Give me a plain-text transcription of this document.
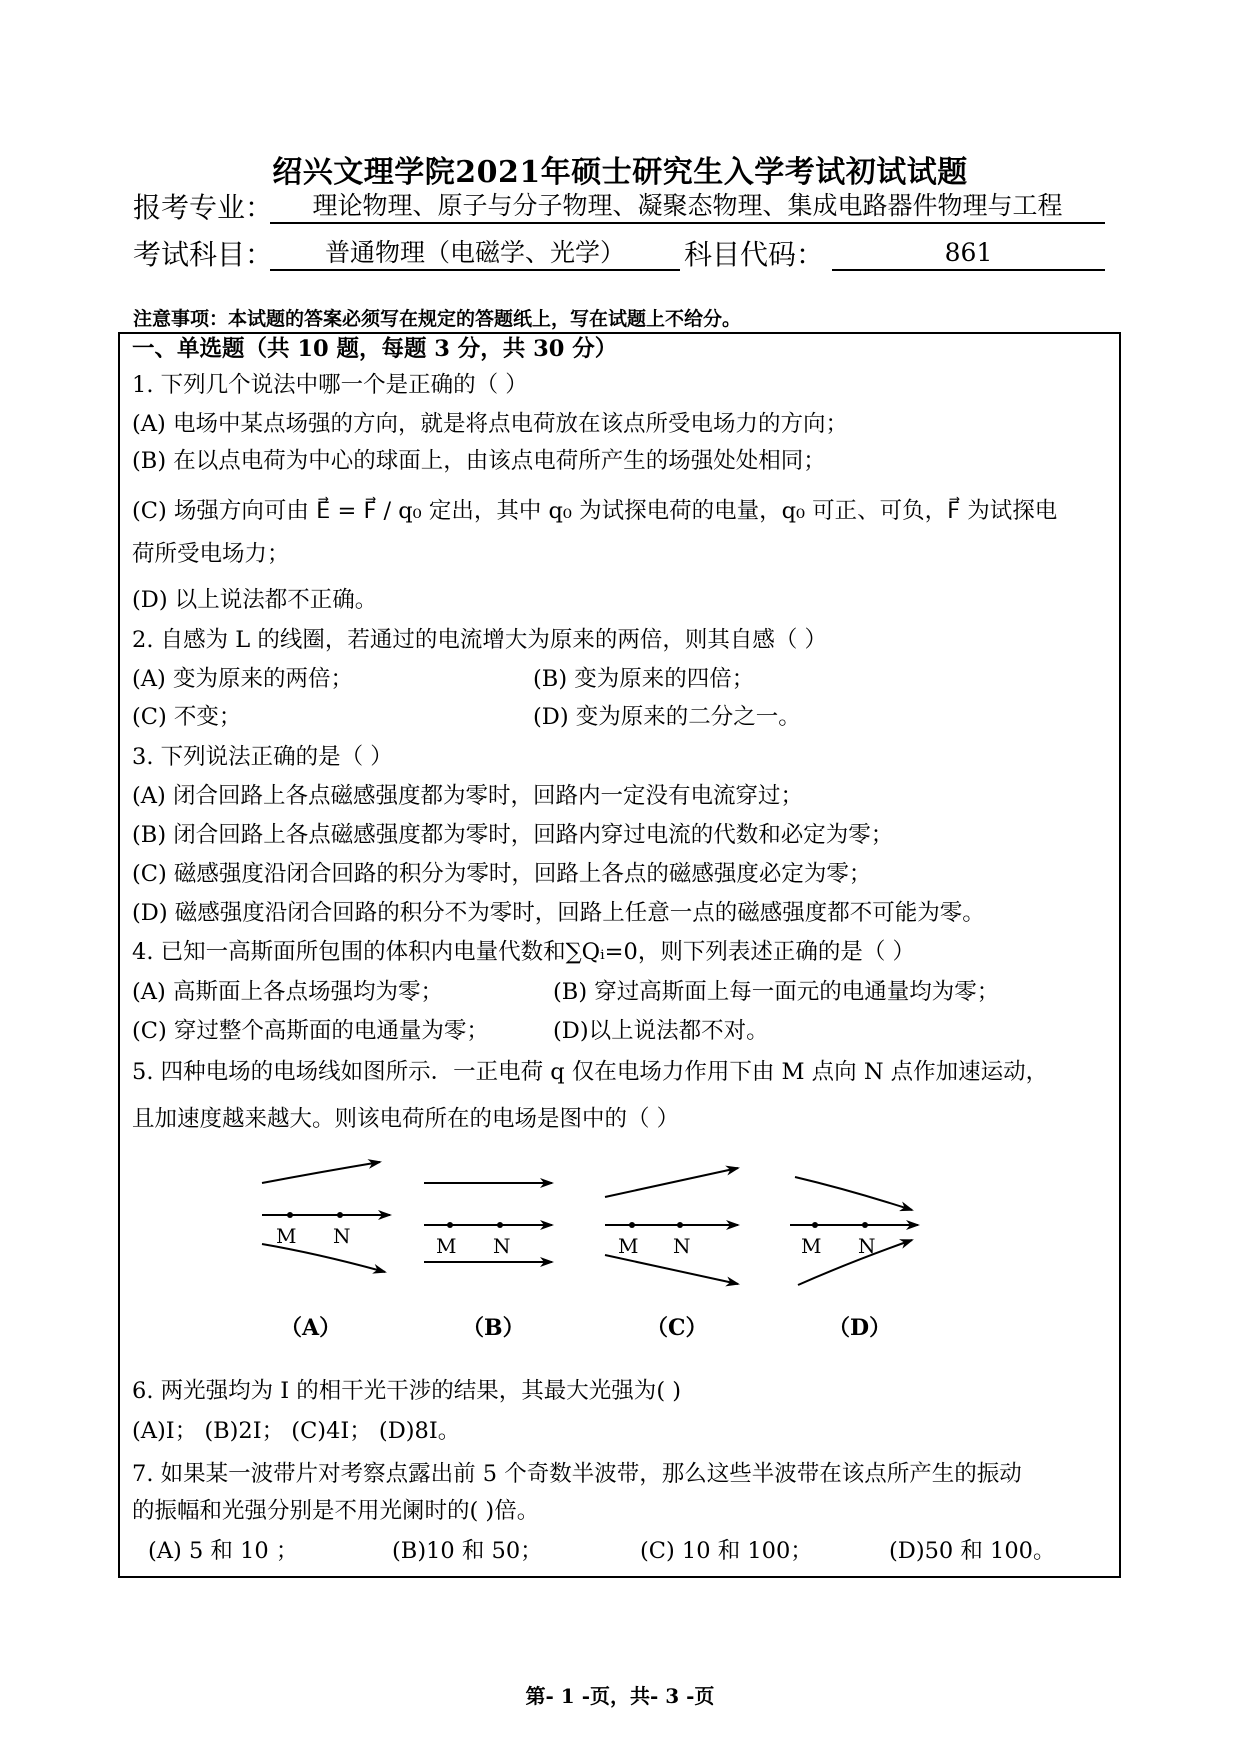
绍兴文理学院2021年硕士研究生入学考试初试试题
报考专业：	理论物理、原子与分子物理、凝聚态物理、集成电路器件物理与工程
考试科目：	普通物理（电磁学、光学）	科目代码：	861
注意事项：本试题的答案必须写在规定的答题纸上，写在试题上不给分。
一、单选题（共 10 题，每题 3 分，共 30 分）
1. 下列几个说法中哪一个是正确的（ ）
(A) 电场中某点场强的方向，就是将点电荷放在该点所受电场力的方向；
(B) 在以点电荷为中心的球面上，由该点电荷所产生的场强处处相同；
(C) 场强方向可由 E⃗ = F⃗ / q₀ 定出，其中 q₀ 为试探电荷的电量，q₀ 可正、可负，F⃗ 为试探电
荷所受电场力；
(D) 以上说法都不正确。
2. 自感为 L 的线圈，若通过的电流增大为原来的两倍，则其自感（ ）
(A) 变为原来的两倍；	(B) 变为原来的四倍；
(C) 不变；	(D) 变为原来的二分之一。
3. 下列说法正确的是（ ）
(A) 闭合回路上各点磁感强度都为零时，回路内一定没有电流穿过；
(B) 闭合回路上各点磁感强度都为零时，回路内穿过电流的代数和必定为零；
(C) 磁感强度沿闭合回路的积分为零时，回路上各点的磁感强度必定为零；
(D) 磁感强度沿闭合回路的积分不为零时，回路上任意一点的磁感强度都不可能为零。
4. 已知一高斯面所包围的体积内电量代数和∑Qᵢ=0，则下列表述正确的是（ ）
(A) 高斯面上各点场强均为零；	(B) 穿过高斯面上每一面元的电通量均为零；
(C) 穿过整个高斯面的电通量为零；	(D)以上说法都不对。
5. 四种电场的电场线如图所示．一正电荷 q 仅在电场力作用下由 M 点向 N 点作加速运动，
且加速度越来越大。则该电荷所在的电场是图中的（ ）
M N	M N	M N	M N
（A）	（B）	（C）	（D）
6. 两光强均为 I 的相干光干涉的结果，其最大光强为( )
(A)I； (B)2I； (C)4I； (D)8I。
7. 如果某一波带片对考察点露出前 5 个奇数半波带，那么这些半波带在该点所产生的振动
的振幅和光强分别是不用光阑时的( )倍。
(A) 5 和 10 ；	(B)10 和 50；	(C) 10 和 100；	(D)50 和 100。
第- 1 -页，共- 3 -页
